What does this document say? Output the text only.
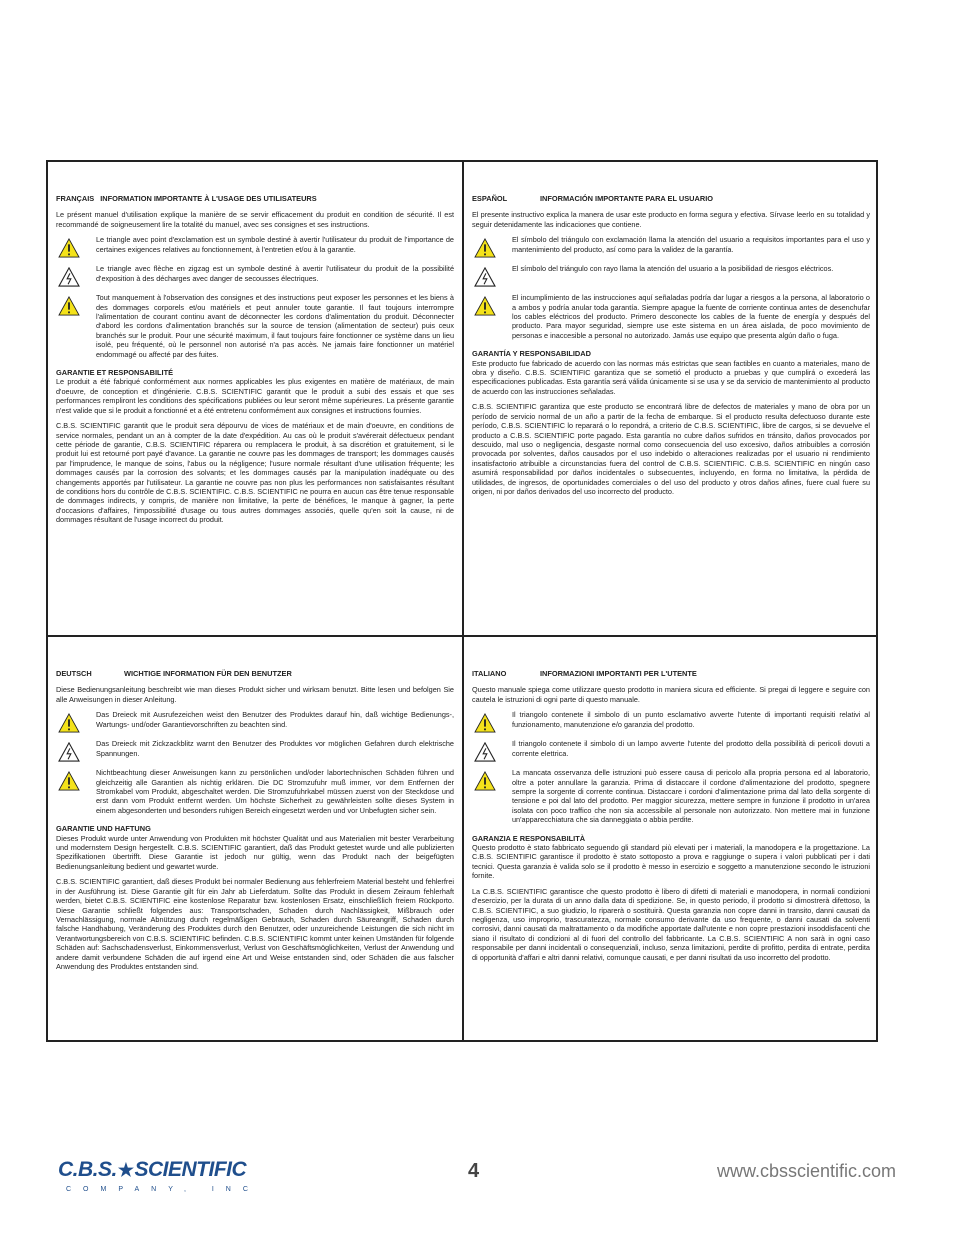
FRANÇAIS INFORMATION IMPORTANTE À L'USAGE DES UTILISATEURS

Le présent manuel d'utilisation explique la manière de se servir efficacement du produit en condition de sécurité. Il est recommandé de soigneusement lire la totalité du manuel, avec ses consignes et ses instructions.

Le triangle avec point d'exclamation est un symbole destiné à avertir l'utilisateur du produit de l'importance de certaines exigences relatives au fonctionnement, à l'entretien et/ou à la garantie.

Le triangle avec flèche en zigzag est un symbole destiné à avertir l'utilisateur du produit de la possibilité d'exposition à des décharges avec danger de secousses électriques.

Tout manquement à l'observation des consignes et des instructions peut exposer les personnes et les biens à des dommages corporels et/ou matériels et peut annuler toute garantie. Il faut toujours interrompre l'alimentation de courant continu avant de déconnecter les cordons d'alimentation du produit. Déconnecter d'abord les cordons d'alimentation branchés sur la source de tension (alimentation de secteur) puis ceux branchés sur le produit. Pour une sécurité maximum, il faut toujours faire fonctionner ce système dans un lieu isolé, peu fréquenté, où le personnel non autorisé n'a pas accès. Ne jamais faire fonctionner un matériel endommagé ou affecté par des fuites.

GARANTIE ET RESPONSABILITÉ

Le produit a été fabriqué conformément aux normes applicables les plus exigentes en matière de matériaux, de main d'oeuvre, de conception et d'ingénierie. C.B.S. SCIENTIFIC garantit que le produit a subi des essais et que ses performances rempliront les conditions des spécifications publiées ou leur seront même supérieures. La présente garantie n'est valide que si le produit a fonctionné et a été entretenu conformément aux consignes et instructions fournies.

C.B.S. SCIENTIFIC garantit que le produit sera dépourvu de vices de matériaux et de main d'oeuvre, en conditions de service normales, pendant un an à compter de la date d'expédition. Au cas où le produit s'avérerait défectueux pendant cette période de garantie, C.B.S. SCIENTIFIC réparera ou remplacera le produit, à sa discrétion et gratuitement, si le produit lui est retourné port payé d'avance. La garantie ne couvre pas les dommages de transport; les dommages causés par l'imprudence, le manque de soins, l'abus ou la négligence; l'usure normale résultant d'une utilisation fréquente; les dommages causés par la corrosion des solvants; et les dommages causés par la manipulation inadéquate ou des changements apportés par l'utilisateur. La garantie ne couvre pas non plus les performances non satisfaisantes résultant de conditions hors du contrôle de C.B.S. SCIENTIFIC. C.B.S. SCIENTIFIC ne pourra en aucun cas être tenue responsable de dommages indirects, y compris, de manière non limitative, la perte de bénéfices, le manque à gagner, la perte d'occasions d'affaires, l'impossibilité d'usage ou tous autres dommages associés, quelle qu'en soit la cause, ni de dommages résultant de l'usage incorrect du produit.

ESPAÑOL	INFORMACIÓN IMPORTANTE PARA EL USUARIO

El presente instructivo explica la manera de usar este producto en forma segura y efectiva. Sírvase leerlo en su totalidad y seguir detenidamente las indicaciones que contiene.

El símbolo del triángulo con exclamación llama la atención del usuario a requisitos importantes para el uso y mantenimiento del producto, así como para la validez de la garantía.

El símbolo del triángulo con rayo llama la atención del usuario a la posibilidad de riesgos eléctricos.

El incumplimiento de las instrucciones aquí señaladas podría dar lugar a riesgos a la persona, al laboratorio o a ambos y podría anular toda garantía. Siempre apague la fuente de corriente continua antes de desenchufar los cables eléctricos del producto. Primero desconecte los cables de la fuente de energía y después del producto. Para mayor seguridad, siempre use este sistema en un área aislada, de poco movimiento de personas e inaccesible a personal no autorizado. Jamás use equipo que presenta algún daño o fuga.

GARANTÍA Y RESPONSABILIDAD

Este producto fue fabricado de acuerdo con las normas más estrictas que sean factibles en cuanto a materiales, mano de obra y diseño. C.B.S. SCIENTIFIC garantiza que se sometió el producto a pruebas y que cumplirá o excederá las especificaciones publicadas. Esta garantía será válida únicamente si se usa y se da servicio de mantenimiento al producto de acuerdo con las instrucciones señaladas.

C.B.S. SCIENTIFIC garantiza que este producto se encontrará libre de defectos de materiales y mano de obra por un período de servicio normal de un año a partir de la fecha de embarque. Si el producto resulta defectuoso durante este período, C.B.S. SCIENTIFIC lo reparará o lo repondrá, a criterio de C.B.S. SCIENTIFIC, libre de cargos, si se devuelve el producto a C.B.S. SCIENTIFIC porte pagado. Esta garantía no cubre daños sufridos en tránsito, daños provocados por descuido, mal uso o negligencia, desgaste normal como consecuencia del uso excesivo, daños atribuibles a corrosión provocada por solventes, daños causados por el uso indebido o alteraciones realizadas por el usuario ni rendimiento insatisfactorio atribuible a circunstancias fuera del control de C.B.S. SCIENTIFIC. C.B.S. SCIENTIFIC en ningún caso asumirá responsabilidad por daños incidentales o subsecuentes, incluyendo, en forma no limitativa, la pérdida de utilidades, de ingresos, de oportunidades comerciales o del uso del producto y otros daños afines, fuere cual fuere su origen, ni por daños derivados del uso incorrecto del producto.

DEUTSCH	WICHTIGE INFORMATION FÜR DEN BENUTZER

Diese Bedienungsanleitung beschreibt wie man dieses Produkt sicher und wirksam benutzt. Bitte lesen und befolgen Sie alle Anweisungen in dieser Anleitung.

Das Dreieck mit Ausrufezeichen weist den Benutzer des Produktes darauf hin, daß wichtige Bedienungs-, Wartungs- und/oder Garantievorschriften zu beachten sind.

Das Dreieck mit Zickzackblitz warnt den Benutzer des Produktes vor möglichen Gefahren durch elektrische Spannungen.

Nichtbeachtung dieser Anweisungen kann zu persönlichen und/oder labortechnischen Schäden führen und gleichzeitig alle Garantien als nichtig erklären. Die DC Stromzufuhr muß immer, vor dem Entfernen der Stromkabel vom Produkt, abgeschaltet werden. Die Stromzufuhrkabel müssen zuerst von der Steckdose und erst dann vom Produkt entfernt werden. Um höchste Sicherheit zu gewährleisten sollte dieses System in einem abgesonderten und besonders ruhigen Bereich eingesetzt werden und vor Unbefugten sicher sein.

GARANTIE UND HAFTUNG

Dieses Produkt wurde unter Anwendung von Produkten mit höchster Qualität und aus Materialien mit bester Verarbeitung und modernstem Design hergestellt. C.B.S. SCIENTIFIC garantiert, daß das Produkt getestet wurde und alle publizierten Spezifikationen übertrifft. Diese Garantie ist jedoch nur gültig, wenn das Produkt nach der beigefügten Bedienungsanleitung bedient und gewartet wurde.

C.B.S. SCIENTIFIC garantiert, daß dieses Produkt bei normaler Bedienung aus fehlerfreiem Material besteht und fehlerfrei in der Ausführung ist. Diese Garantie gilt für ein Jahr ab Lieferdatum. Sollte das Produkt in diesem Zeiraum fehlerhaft werden, bietet C.B.S. SCIENTIFIC eine kostenlose Reparatur bzw. kostenlosen Ersatz, einschließlich freiem Rückporto. Diese Garantie schließt folgendes aus: Transportschaden, Schaden durch Nachlässigkeit, Mißbrauch oder Vernachlässigung, normale Abnützung durch regelmäßigen Gebrauch, Schaden durch Säureangriff, Schaden durch falsche Handhabung, Veränderung des Produktes durch den Benutzer, oder unzureichende Leistungen die sich nicht im Verantwortungsbereich von C.B.S. SCIENTIFIC befinden. C.B.S. SCIENTIFIC kommt unter keinen Umständen für folgende Schäden auf: Sachschadensverlust, Einkommensverlust, Verlust von Geschäftsmöglichkeiten, Verlust der Anwendung und andere damit verbundene Schäden die auf irgend eine Art und Weise entstanden sind, oder Schäden die aus falscher Anwendung des Produktes entstanden sind.

ITALIANO	INFORMAZIONI IMPORTANTI PER L'UTENTE

Questo manuale spiega come utilizzare questo prodotto in maniera sicura ed efficiente. Si pregai di leggere e seguire con cautela le istruzioni di ogni parte di questo manuale.

Il triangolo contenete il simbolo di un punto esclamativo avverte l'utente di importanti requisiti relativi al funzionamento, manutenzione e/o garanzia del prodotto.

Il triangolo contenete il simbolo di un lampo avverte l'utente del prodotto della possibilità di pericoli dovuti a corrente elettrica.

La mancata osservanza delle istruzioni può essere causa di pericolo alla propria persona ed al laboratorio, oltre a poter annullare la garanzia. Prima di distaccare il cordone d'alimentazione del prodotto, spegnere sempre la sorgente di corrente continua. Distaccare i cordoni d'alimentazione prima dal lato della sorgente di tensione e poi dal lato del prodotto. Per maggior sicurezza, mettere sempre in funzione il prodotto in un'area isolata con poco traffico che non sia accessibile al personale non autorizzato. Non mettere mai in funzione un'apparecchiatura che sia danneggiata o abbia perdite.

GARANZIA E RESPONSABILITÀ

Questo prodotto è stato fabbricato seguendo gli standard più elevati per i materiali, la manodopera e la progettazione. La C.B.S. SCIENTIFIC garantisce il prodotto è stato sottoposto a prova e raggiunge o supera i valori pubblicati per i dati tecnici. Questa garanzia è valida solo se il prodotto è messo in esercizio e soggetto a manutenzione secondo le istruzioni fornite.

La C.B.S. SCIENTIFIC garantisce che questo prodotto è libero di difetti di materiali e manodopera, in normali condizioni d'esercizio, per la durata di un anno dalla data di spedizione. Se, in questo periodo, il prodotto si dimostrerà difettoso, la C.B.S. SCIENTIFIC, a suo giudizio, lo riparerà o sostituirà. Questa garanzia non copre danni in transito, danni causati da negligenza, uso improprio, trascuratezza, normale consumo derivante da uso frequente, o danni causati da solventi corrosivi, danni causati da maltrattamento o da modifiche apportate dall'utente e non copre prestazioni insoddisfacenti che siano il risultato di condizioni al di fuori del controllo del fabbricante. La C.B.S. SCIENTIFIC A non sarà in ogni caso responsabile per danni incidentali o consequenziali, incluso, senza limitazioni, perdite di profitto, perdita di entrate, perdita di opportunità d'affari e altri danni relativi, comunque causati, e per danni risultati da uso incorretto del prodotto.

C.B.S.★SCIENTIFIC
COMPANY, INC
4	www.cbsscientific.com
